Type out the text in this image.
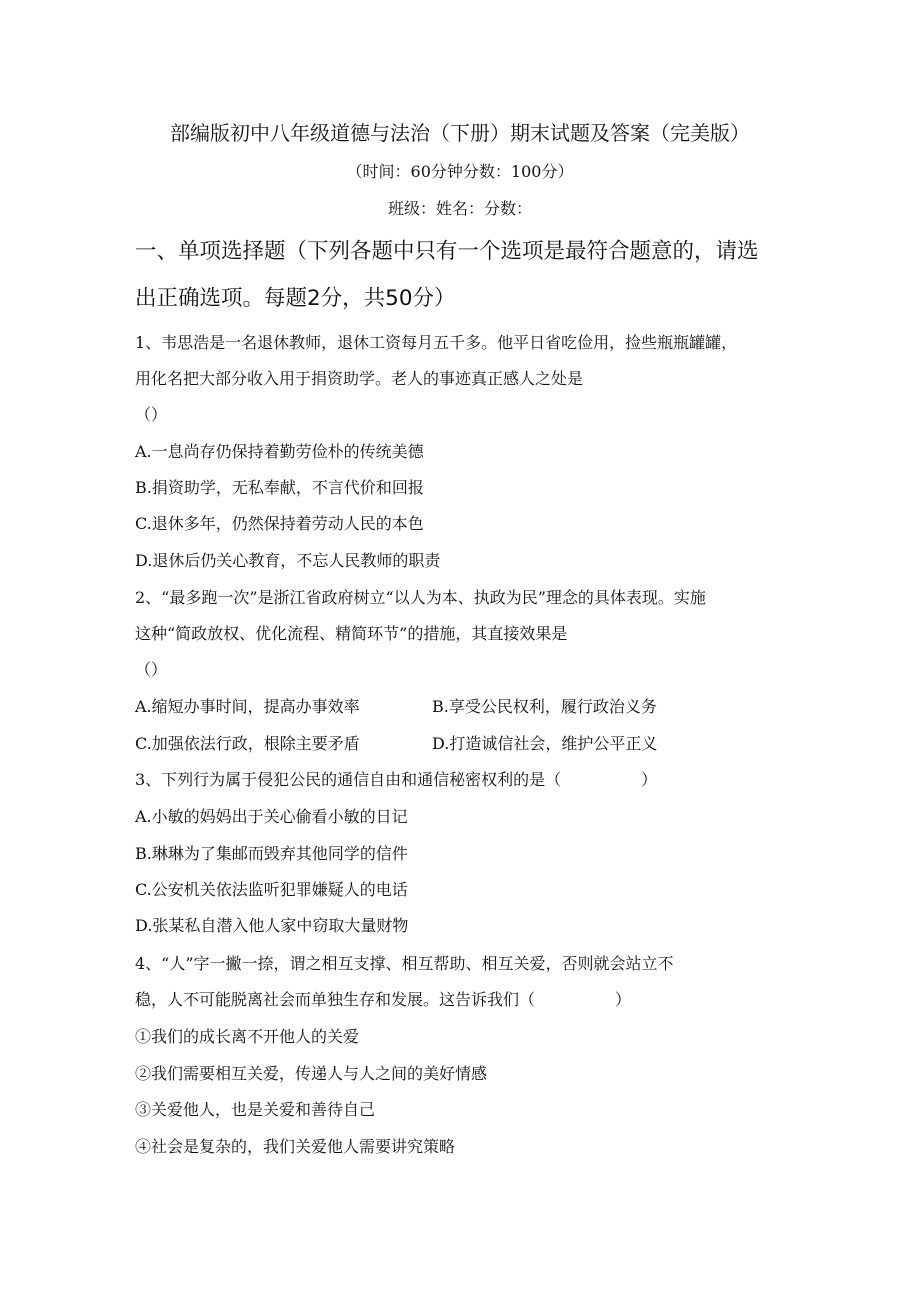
部编版初中八年级道德与法治（下册）期末试题及答案（完美版）
（时间：60分钟分数：100分）
班级：姓名：分数：
一、单项选择题（下列各题中只有一个选项是最符合题意的，请选
出正确选项。每题2分，共50分）
1、韦思浩是一名退休教师，退休工资每月五千多。他平日省吃俭用，捡些瓶瓶罐罐，
用化名把大部分收入用于捐资助学。老人的事迹真正感人之处是
（）
A.一息尚存仍保持着勤劳俭朴的传统美德
B.捐资助学，无私奉献，不言代价和回报
C.退休多年，仍然保持着劳动人民的本色
D.退休后仍关心教育，不忘人民教师的职责
2、“最多跑一次”是浙江省政府树立“以人为本、执政为民”理念的具体表现。实施
这种“简政放权、优化流程、精简环节”的措施，其直接效果是
（）
A.缩短办事时间，提高办事效率	B.享受公民权利，履行政治义务
C.加强依法行政，根除主要矛盾	D.打造诚信社会，维护公平正义
3、下列行为属于侵犯公民的通信自由和通信秘密权利的是（　　　　　）
A.小敏的妈妈出于关心偷看小敏的日记
B.琳琳为了集邮而毁弃其他同学的信件
C.公安机关依法监听犯罪嫌疑人的电话
D.张某私自潜入他人家中窃取大量财物
4、“人”字一撇一捺，谓之相互支撑、相互帮助、相互关爱，否则就会站立不
稳，人不可能脱离社会而单独生存和发展。这告诉我们（　　　　　）
①我们的成长离不开他人的关爱
②我们需要相互关爱，传递人与人之间的美好情感
③关爱他人，也是关爱和善待自己
④社会是复杂的，我们关爱他人需要讲究策略
